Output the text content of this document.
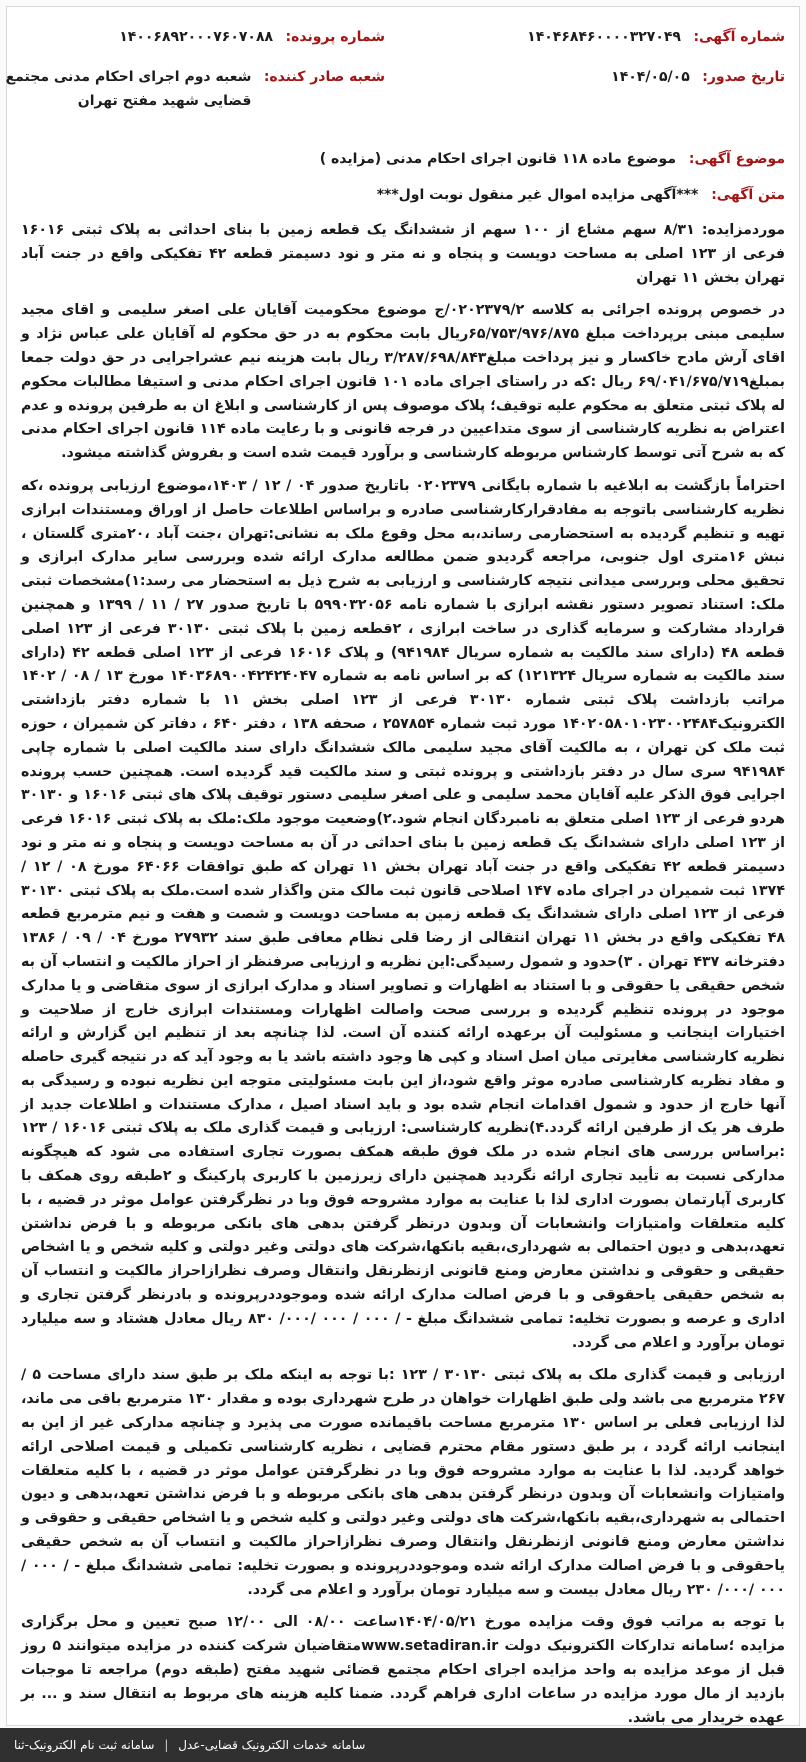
شماره آگهی: ۱۴۰۴۶۸۴۶۰۰۰۰۳۲۷۰۴۹
شماره پرونده: ۱۴۰۰۶۸۹۲۰۰۰۷۶۰۷۰۸۸
تاریخ صدور: ۱۴۰۴/۰۵/۰۵
شعبه صادر کننده: شعبه دوم اجرای احکام مدنی مجتمع قضایی شهید مفتح تهران
موضوع آگهی: موضوع ماده ۱۱۸ قانون اجرای احکام مدنی (مزایده )
متن آگهی: ***آگهی مزایده اموال غیر منقول نوبت اول***

موردمزایده: ۸/۳۱ سهم مشاع از ۱۰۰ سهم از ششدانگ یک قطعه زمین با بنای احداثی به پلاک ثبتی ۱۶۰۱۶ فرعی از ۱۲۳ اصلی به مساحت دویست و پنجاه و نه متر و نود دسیمتر قطعه ۴۲ تفکیکی واقع در جنت آباد تهران بخش ۱۱ تهران

در خصوص پرونده اجرائی به کلاسه ۰۲۰۲۳۷۹/۲/ج موضوع محکومیت آقایان علی اصغر سلیمی و اقای مجید سلیمی مبنی برپرداخت مبلغ ۶۵/۷۵۳/۹۷۶/۸۷۵ریال بابت محکوم به در حق محکوم له آقایان علی عباس نژاد و اقای آرش مادح خاکسار و نیز پرداخت مبلغ۳/۲۸۷/۶۹۸/۸۴۳ ریال بابت هزینه نیم عشراجرایی در حق دولت جمعا بمبلغ۶۹/۰۴۱/۶۷۵/۷۱۹ ریال :که در راستای اجرای ماده ۱۰۱ قانون اجرای احکام مدنی و استیفا مطالبات محکوم له پلاک ثبتی متعلق به محکوم علیه توقیف؛ پلاک موصوف پس از کارشناسی و ابلاغ ان به طرفین پرونده و عدم اعتراض به نظریه کارشناسی از سوی متداعیین در فرجه قانونی و با رعایت ماده ۱۱۴ قانون اجرای احکام مدنی که به شرح آتی توسط کارشناس مربوطه کارشناسی و برآورد قیمت شده است و بفروش گذاشته میشود.

احتراماً بازگشت به ابلاغیه با شماره بایگانی ۰۲۰۲۳۷۹ باتاریخ صدور ۰۴ / ۱۲ / ۱۴۰۳،موضوع ارزیابی پرونده ،که نظریه کارشناسی باتوجه به مفادقرارکارشناسی صادره و براساس اطلاعات حاصل از اوراق ومستندات ابرازی تهیه و تنظیم گردیده به استحضارمی رساند،به محل وقوع ملک به نشانی:تهران ،جنت آباد ،۲۰متری گلستان ، نبش ۱۶متری اول جنوبی، مراجعه گردیدو ضمن مطالعه مدارک ارائه شده وبررسی سایر مدارک ابرازی و تحقیق محلی وبررسی میدانی نتیجه کارشناسی و ارزیابی به شرح ذیل به استحضار می رسد:۱)مشخصات ثبتی ملک: استناد تصویر دستور نقشه ابرازی با شماره نامه ۵۹۹۰۳۲۰۵۶ با تاریخ صدور ۲۷ / ۱۱ / ۱۳۹۹ و همچنین قرارداد مشارکت و سرمایه گذاری در ساخت ابرازی ، ۲قطعه زمین با پلاک ثبتی ۳۰۱۳۰ فرعی از ۱۲۳ اصلی قطعه ۴۸ (دارای سند مالکیت به شماره سریال ۹۴۱۹۸۴) و پلاک ۱۶۰۱۶ فرعی از ۱۲۳ اصلی قطعه ۴۲ (دارای سند مالکیت به شماره سریال ۱۲۱۳۲۴) که بر اساس نامه به شماره ۱۴۰۳۶۸۹۰۰۴۲۴۲۴۰۴۷ مورخ ۱۳ / ۰۸ / ۱۴۰۲ مراتب بازداشت پلاک ثبتی شماره ۳۰۱۳۰ فرعی از ۱۲۳ اصلی بخش ۱۱ با شماره دفتر بازداشتی الکترونیک۱۴۰۲۰۵۸۰۱۰۲۳۰۰۲۴۸۴ مورد ثبت شماره ۲۵۷۸۵۴ ، صحفه ۱۳۸ ، دفتر ۶۴۰ ، دفاتر کن شمیران ، حوزه ثبت ملک کن تهران ، به مالکیت آقای مجید سلیمی مالک ششدانگ دارای سند مالکیت اصلی با شماره چاپی ۹۴۱۹۸۴ سری سال در دفتر بازداشتی و پرونده ثبتی و سند مالکیت قید گردیده است. همچنین حسب پرونده اجرایی فوق الذکر علیه آقایان محمد سلیمی و علی اصغر سلیمی دستور توقیف پلاک های ثبتی ۱۶۰۱۶ و ۳۰۱۳۰ هردو فرعی از ۱۲۳ اصلی متعلق به نامبردگان انجام شود.۲)وضعیت موجود ملک:ملک به پلاک ثبتی ۱۶۰۱۶ فرعی از ۱۲۳ اصلی دارای ششدانگ یک قطعه زمین با بنای احداثی در آن به مساحت دویست و پنجاه و نه متر و نود دسیمتر قطعه ۴۲ تفکیکی واقع در جنت آباد تهران بخش ۱۱ تهران که طبق توافقات ۶۴۰۶۶ مورخ ۰۸ / ۱۲ / ۱۳۷۴ ثبت شمیران در اجرای ماده ۱۴۷ اصلاحی قانون ثبت مالک متن واگذار شده است.ملک به پلاک ثبتی ۳۰۱۳۰ فرعی از ۱۲۳ اصلی دارای ششدانگ یک قطعه زمین به مساحت دویست و شصت و هفت و نیم مترمربع قطعه ۴۸ تفکیکی واقع در بخش ۱۱ تهران انتقالی از رضا قلی نظام معافی طبق سند ۲۷۹۳۲ مورخ ۰۴ / ۰۹ / ۱۳۸۶ دفترخانه ۴۳۷ تهران . ۳)حدود و شمول رسیدگی:این نظریه و ارزیابی صرفنظر از احراز مالکیت و انتساب آن به شخص حقیقی یا حقوقی و با استناد به اظهارات و تصاویر اسناد و مدارک ابرازی از سوی متقاضی و یا مدارک موجود در پرونده تنظیم گردیده و بررسی صحت واصالت اظهارات ومستندات ابرازی خارج از صلاحیت و اختیارات اینجانب و مسئولیت آن برعهده ارائه کننده آن است. لذا چنانچه بعد از تنظیم این گزارش و ارائه نظریه کارشناسی مغایرتی میان اصل اسناد و کپی ها وجود داشته باشد یا به وجود آید که در نتیجه گیری حاصله و مفاد نظریه کارشناسی صادره موثر واقع شود،از این بابت مسئولیتی متوجه این نظریه نبوده و رسیدگی به آنها خارج از حدود و شمول اقدامات انجام شده بود و باید اسناد اصیل ، مدارک مستندات و اطلاعات جدید از طرف هر یک از طرفین ارائه گردد.۴)نظریه کارشناسی: ارزیابی و قیمت گذاری ملک به پلاک ثبتی ۱۶۰۱۶ / ۱۲۳ :براساس بررسی های انجام شده در ملک فوق طبقه همکف بصورت تجاری استفاده می شود که هیچگونه مدارکی نسبت به تأیید تجاری ارائه نگردید همچنین دارای زیرزمین با کاربری پارکینگ و ۲طبقه روی همکف با کاربری آپارتمان بصورت اداری لذا با عنایت به موارد مشروحه فوق وبا در نظرگرفتن عوامل موثر در قضیه ، با کلیه متعلقات وامتیازات وانشعابات آن وبدون درنظر گرفتن بدهی های بانکی مربوطه و با فرض نداشتن تعهد،بدهی و دیون احتمالی به شهرداری،بقیه بانکها،شرکت های دولتی وغیر دولتی و کلیه شخص و یا اشخاص حقیقی و حقوقی و نداشتن معارض ومنع قانونی ازنظرنقل وانتقال وصرف نظرازاحراز مالکیت و انتساب آن به شخص حقیقی یاحقوقی و با فرض اصالت مدارک ارائه شده وموجوددرپرونده و بادرنظر گرفتن تجاری و اداری و عرصه و بصورت تخلیه: تمامی ششدانگ مبلغ - / ۰۰۰ / ۰۰۰ /۰۰۰/ ۸۳۰ ریال معادل هشتاد و سه میلیارد تومان برآورد و اعلام می گردد.

ارزیابی و قیمت گذاری ملک به پلاک ثبتی ۳۰۱۳۰ / ۱۲۳ :با توجه به اینکه ملک بر طبق سند دارای مساحت ۵ / ۲۶۷ مترمربع می باشد ولی طبق اظهارات خواهان در طرح شهرداری بوده و مقدار ۱۳۰ مترمربع باقی می ماند، لذا ارزیابی فعلی بر اساس ۱۳۰ مترمربع مساحت باقیمانده صورت می پذیرد و چنانچه مدارکی غیر از این به اینجانب ارائه گردد ، بر طبق دستور مقام محترم قضایی ، نظریه کارشناسی تکمیلی و قیمت اصلاحی ارائه خواهد گردید. لذا با عنایت به موارد مشروحه فوق وبا در نظرگرفتن عوامل موثر در قضیه ، با کلیه متعلقات وامتیازات وانشعابات آن وبدون درنظر گرفتن بدهی های بانکی مربوطه و با فرض نداشتن تعهد،بدهی و دیون احتمالی به شهرداری،بقیه بانکها،شرکت های دولتی وغیر دولتی و کلیه شخص و یا اشخاص حقیقی و حقوقی و نداشتن معارض ومنع قانونی ازنظرنقل وانتقال وصرف نظرازاحراز مالکیت و انتساب آن به شخص حقیقی یاحقوقی و با فرض اصالت مدارک ارائه شده وموجوددرپرونده و بصورت تخلیه: تمامی ششدانگ مبلغ - / ۰۰۰ / ۰۰۰ /۰۰۰/ ۲۳۰ ریال معادل بیست و سه میلیارد تومان برآورد و اعلام می گردد.

با توجه به مراتب فوق وقت مزایده مورخ ۱۴۰۴/۰۵/۲۱ساعت ۰۸/۰۰ الی ۱۲/۰۰ صبح تعیین و محل برگزاری مزایده ؛سامانه تدارکات الکترونیک دولت www.setadiran.irمتقاضیان شرکت کننده در مزایده میتوانند ۵ روز قبل از موعد مزایده به واحد مزایده اجرای احکام مجتمع قضائی شهید مفتح (طبقه دوم) مراجعه تا موجبات بازدید از مال مورد مزایده در ساعات اداری فراهم گردد. ضمنا کلیه هزینه های مربوط به انتقال سند و ... بر عهده خریدار می باشد.

سامانه خدمات الکترونیک قضایی-عدل | سامانه ثبت نام الکترونیک-ثنا
